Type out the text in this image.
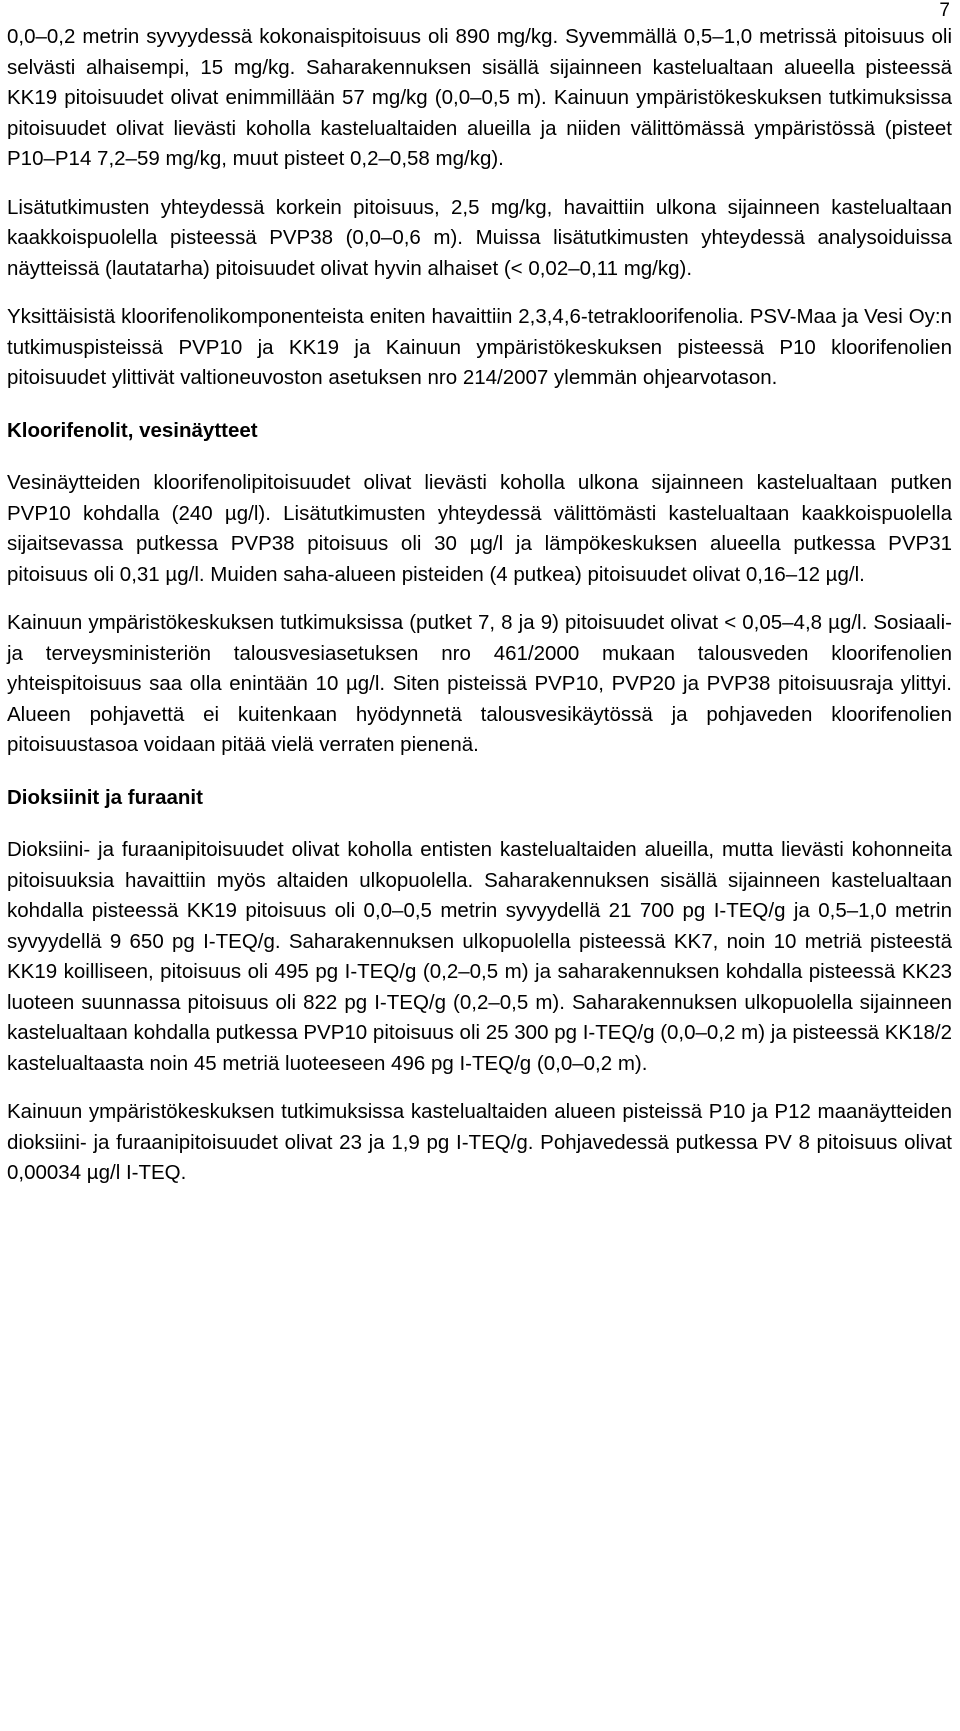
7

0,0–0,2 metrin syvyydessä kokonaispitoisuus oli 890 mg/kg. Syvemmällä 0,5–1,0 metrissä pitoisuus oli selvästi alhaisempi, 15 mg/kg. Saharakennuksen sisällä sijainneen kastelualtaan alueella pisteessä KK19 pitoisuudet olivat enimmillään 57 mg/kg (0,0–0,5 m). Kainuun ympäristökeskuksen tutkimuksissa pitoisuudet olivat lievästi koholla kastelualtaiden alueilla ja niiden välittömässä ympäristössä (pisteet P10–P14 7,2–59 mg/kg, muut pisteet 0,2–0,58 mg/kg).

Lisätutkimusten yhteydessä korkein pitoisuus, 2,5 mg/kg, havaittiin ulkona sijainneen kastelualtaan kaakkoispuolella pisteessä PVP38 (0,0–0,6 m). Muissa lisätutkimusten yhteydessä analysoiduissa näytteissä (lautatarha) pitoisuudet olivat hyvin alhaiset (< 0,02–0,11 mg/kg).

Yksittäisistä kloorifenolikomponenteista eniten havaittiin 2,3,4,6-tetrakloorifenolia. PSV-Maa ja Vesi Oy:n tutkimuspisteissä PVP10 ja KK19 ja Kainuun ympäristökeskuksen pisteessä P10 kloorifenolien pitoisuudet ylittivät valtioneuvoston asetuksen nro 214/2007 ylemmän ohjearvotason.

Kloorifenolit, vesinäytteet

Vesinäytteiden kloorifenolipitoisuudet olivat lievästi koholla ulkona sijainneen kastelualtaan putken PVP10 kohdalla (240 µg/l). Lisätutkimusten yhteydessä välittömästi kastelualtaan kaakkoispuolella sijaitsevassa putkessa PVP38 pitoisuus oli 30 µg/l ja lämpökeskuksen alueella putkessa PVP31 pitoisuus oli 0,31 µg/l. Muiden saha-alueen pisteiden (4 putkea) pitoisuudet olivat 0,16–12 µg/l.

Kainuun ympäristökeskuksen tutkimuksissa (putket 7, 8 ja 9) pitoisuudet olivat < 0,05–4,8 µg/l. Sosiaali- ja terveysministeriön talousvesiasetuksen nro 461/2000 mukaan talousveden kloorifenolien yhteispitoisuus saa olla enintään 10 µg/l. Siten pisteissä PVP10, PVP20 ja PVP38 pitoisuusraja ylittyi. Alueen pohjavettä ei kuitenkaan hyödynnetä talousvesikäytössä ja pohjaveden kloorifenolien pitoisuustasoa voidaan pitää vielä verraten pienenä.

Dioksiinit ja furaanit

Dioksiini- ja furaanipitoisuudet olivat koholla entisten kastelualtaiden alueilla, mutta lievästi kohonneita pitoisuuksia havaittiin myös altaiden ulkopuolella. Saharakennuksen sisällä sijainneen kastelualtaan kohdalla pisteessä KK19 pitoisuus oli 0,0–0,5 metrin syvyydellä 21 700 pg I-TEQ/g ja 0,5–1,0 metrin syvyydellä 9 650 pg I-TEQ/g. Saharakennuksen ulkopuolella pisteessä KK7, noin 10 metriä pisteestä KK19 koilliseen, pitoisuus oli 495 pg I-TEQ/g (0,2–0,5 m) ja saharakennuksen kohdalla pisteessä KK23 luoteen suunnassa pitoisuus oli 822 pg I-TEQ/g (0,2–0,5 m). Saharakennuksen ulkopuolella sijainneen kastelualtaan kohdalla putkessa PVP10 pitoisuus oli 25 300 pg I-TEQ/g (0,0–0,2 m) ja pisteessä KK18/2 kastelualtaasta noin 45 metriä luoteeseen 496 pg I-TEQ/g (0,0–0,2 m).

Kainuun ympäristökeskuksen tutkimuksissa kastelualtaiden alueen pisteissä P10 ja P12 maanäytteiden dioksiini- ja furaanipitoisuudet olivat 23 ja 1,9 pg I-TEQ/g. Pohjavedessä putkessa PV 8 pitoisuus olivat 0,00034 µg/l I-TEQ.
